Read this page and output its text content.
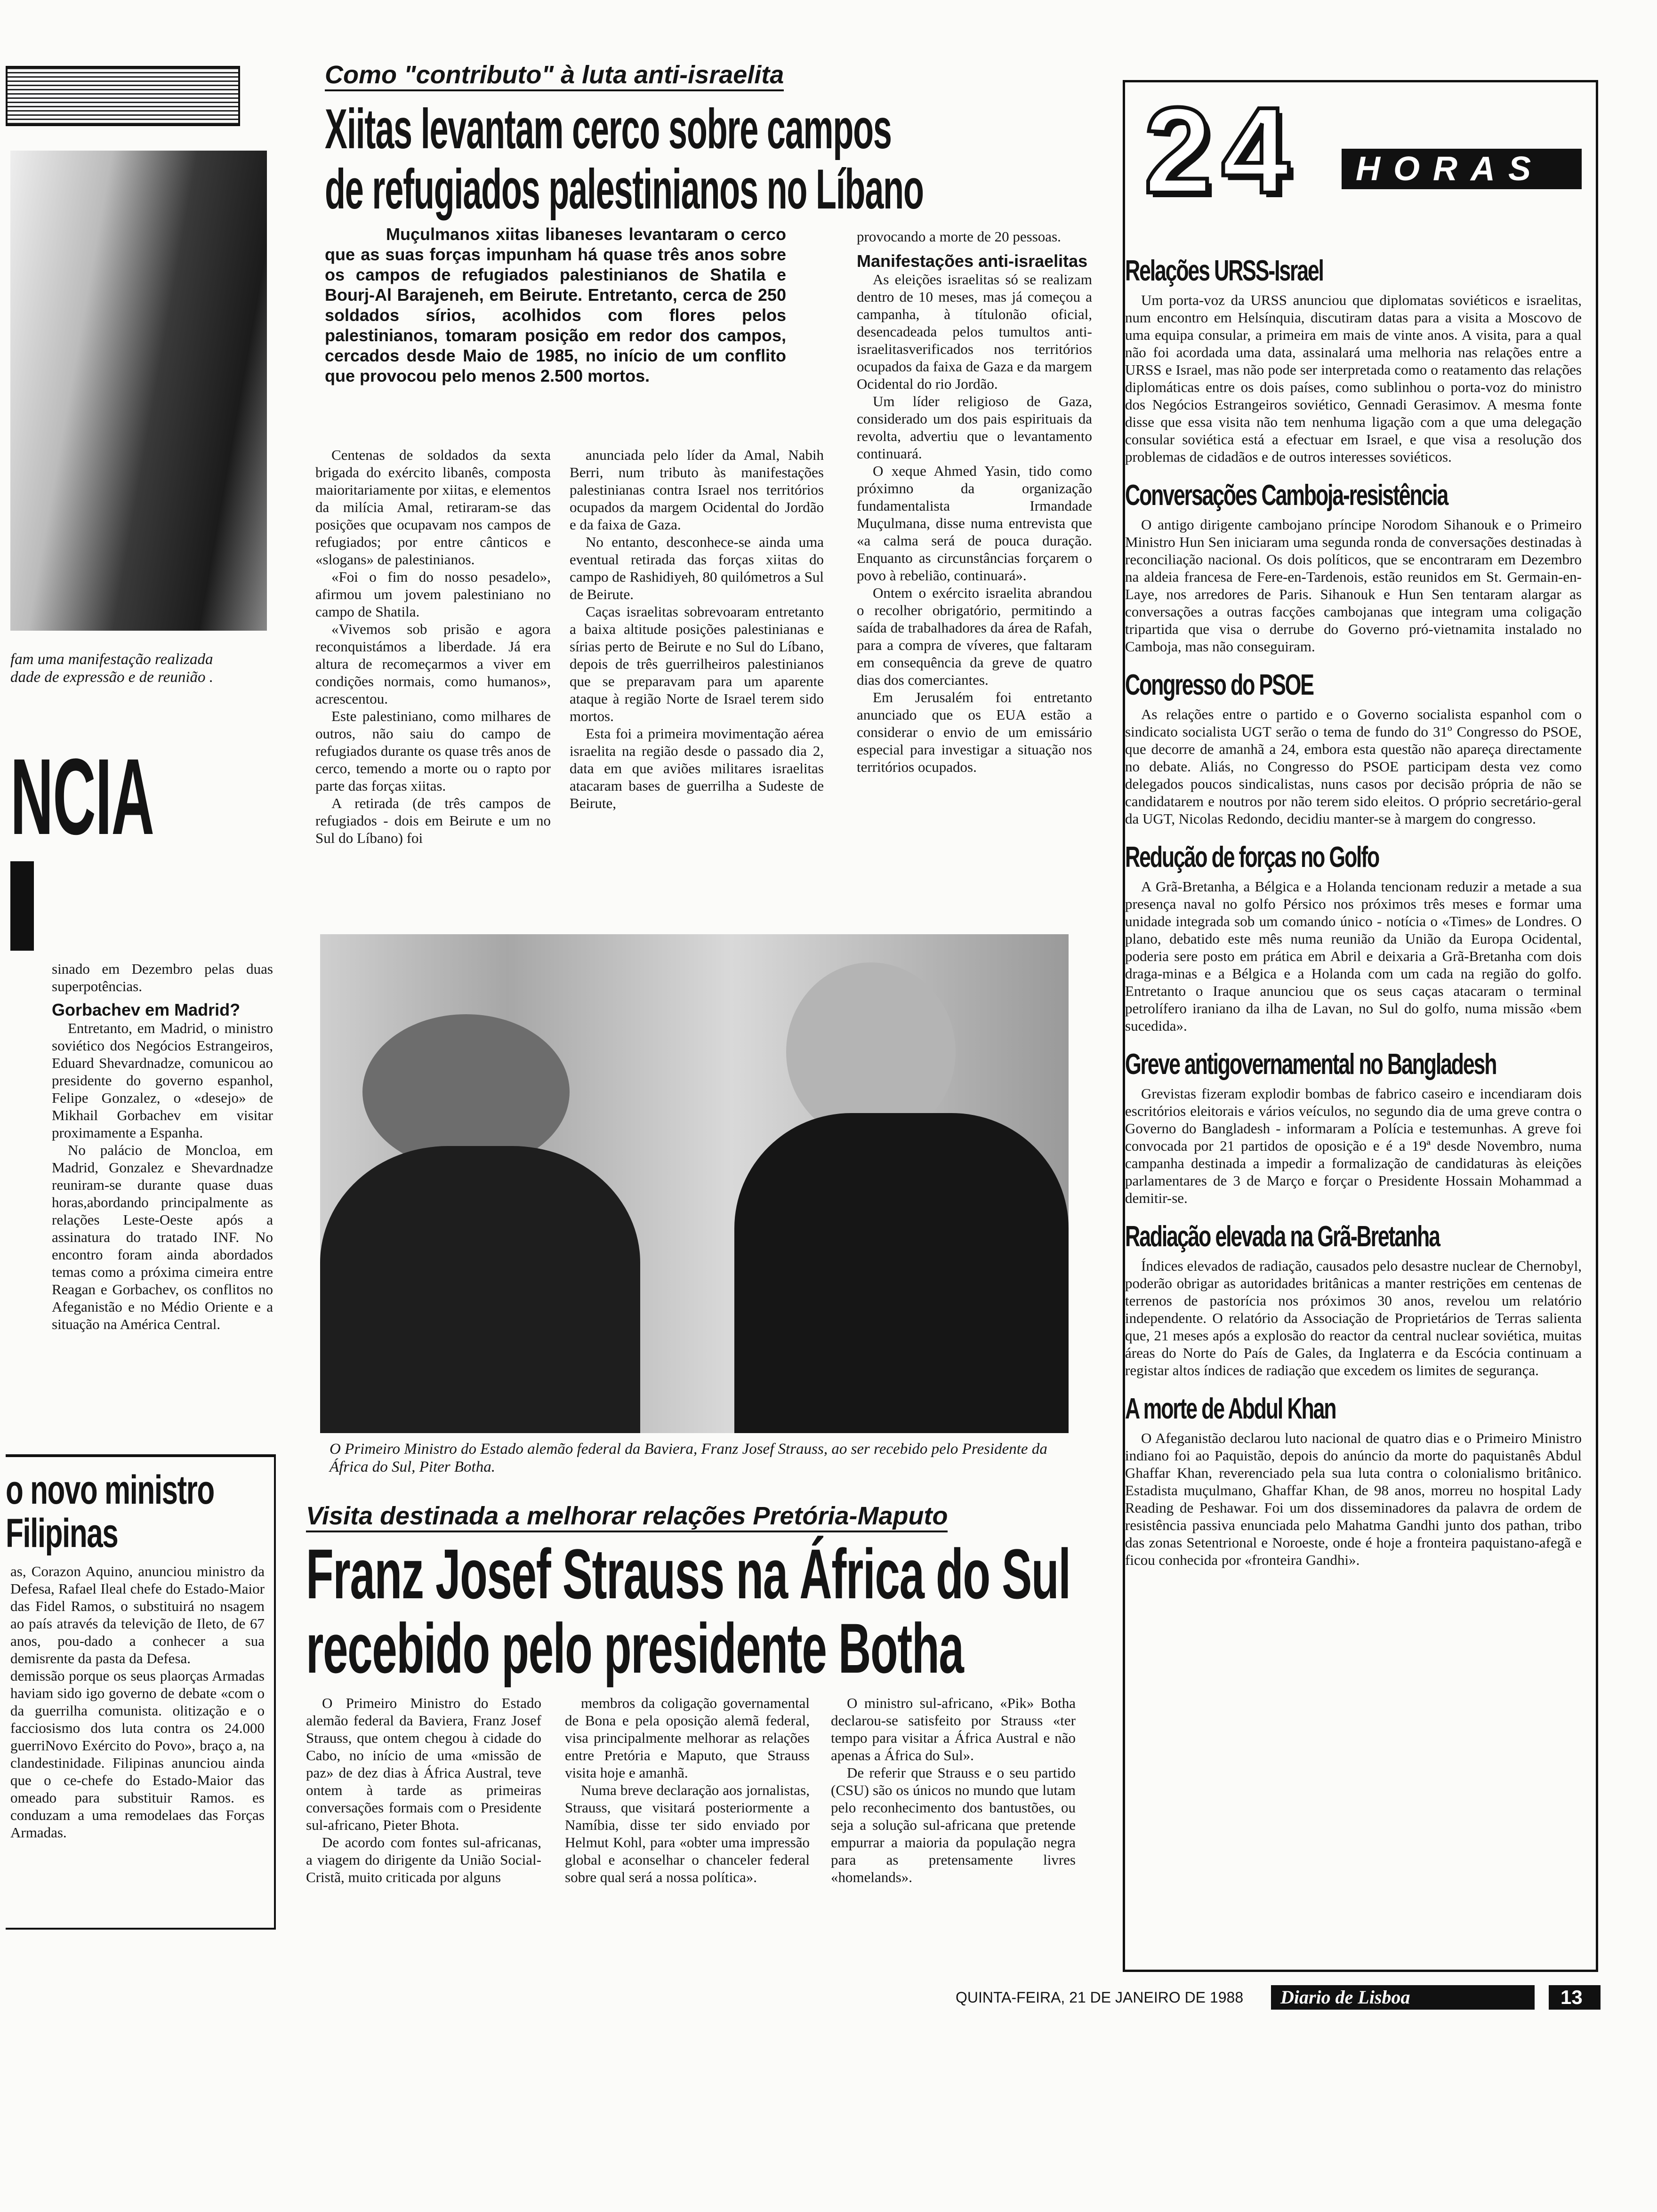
fam uma manifestação realizada
dade de expressão e de reunião .
NCIA
sinado em Dezembro pelas duas superpotências.
Gorbachev em Madrid?

Entretanto, em Madrid, o ministro soviético dos Negócios Estrangeiros, Eduard Shevardnadze, comunicou ao presidente do governo espanhol, Felipe Gonzalez, o «desejo» de Mikhail Gorbachev em visitar proximamente a Espanha.

No palácio de Moncloa, em Madrid, Gonzalez e Shevardnadze reuniram-se durante quase duas horas,abordando principalmente as relações Leste-Oeste após a assinatura do tratado INF. No encontro foram ainda abordados temas como a próxima cimeira entre Reagan e Gorbachev, os conflitos no Afeganistão e no Médio Oriente e a situação na América Central.

o novo ministro
Filipinas
as, Corazon Aquino, anunciou ministro da Defesa, Rafael Ileal chefe do Estado-Maior das Fidel Ramos, o substituirá no nsagem ao país através da televição de Ileto, de 67 anos, pou-dado a conhecer a sua demisrente da pasta da Defesa.
demissão porque os seus plaorças Armadas haviam sido igo governo de debate «com o da guerrilha comunista. olitização e o facciosismo dos luta contra os 24.000 guerriNovo Exército do Povo», braço a, na clandestinidade. Filipinas anunciou ainda que o ce-chefe do Estado-Maior das omeado para substituir Ramos. es conduzam a uma remodelaes das Forças Armadas.
Como "contributo" à luta anti-israelita
Xiitas levantam cerco sobre campos
de refugiados palestinianos no Líbano

Muçulmanos xiitas libaneses levantaram o cerco que as suas forças impunham há quase três anos sobre os campos de refugiados palestinianos de Shatila e Bourj-Al Barajeneh, em Beirute. Entretanto, cerca de 250 soldados sírios, acolhidos com flores pelos palestinianos, tomaram posição em redor dos campos, cercados desde Maio de 1985, no início de um conflito que provocou pelo menos 2.500 mortos.

provocando a morte de 20 pessoas.
Manifestações anti-israelitas

As eleições israelitas só se realizam dentro de 10 meses, mas já começou a campanha, à títulonão oficial, desencadeada pelos tumultos anti-israelitasverificados nos territórios ocupados da faixa de Gaza e da margem Ocidental do rio Jordão.

Um líder religioso de Gaza, considerado um dos pais espirituais da revolta, advertiu que o levantamento continuará.

O xeque Ahmed Yasin, tido como próximno da organização fundamentalista Irmandade Muçulmana, disse numa entrevista que «a calma será de pouca duração. Enquanto as circunstâncias forçarem o povo à rebelião, continuará».

Ontem o exército israelita abrandou o recolher obrigatório, permitindo a saída de trabalhadores da área de Rafah, para a compra de víveres, que faltaram em consequência da greve de quatro dias dos comerciantes.

Em Jerusalém foi entretanto anunciado que os EUA estão a considerar o envio de um emissário especial para investigar a situação nos territórios ocupados.

Centenas de soldados da sexta brigada do exército libanês, composta maioritariamente por xiitas, e elementos da milícia Amal, retiraram-se das posições que ocupavam nos campos de refugiados; por entre cânticos e «slogans» de palestinianos.

«Foi o fim do nosso pesadelo», afirmou um jovem palestiniano no campo de Shatila.

«Vivemos sob prisão e agora reconquistámos a liberdade. Já era altura de recomeçarmos a viver em condições normais, como humanos», acrescentou.

Este palestiniano, como milhares de outros, não saiu do campo de refugiados durante os quase três anos de cerco, temendo a morte ou o rapto por parte das forças xiitas.

A retirada (de três campos de refugiados - dois em Beirute e um no Sul do Líbano) foi

anunciada pelo líder da Amal, Nabih Berri, num tributo às manifestações palestinianas contra Israel nos territórios ocupados da margem Ocidental do Jordão e da faixa de Gaza.

No entanto, desconhece-se ainda uma eventual retirada das forças xiitas do campo de Rashidiyeh, 80 quilómetros a Sul de Beirute.

Caças israelitas sobrevoaram entretanto a baixa altitude posições palestinianas e sírias perto de Beirute e no Sul do Líbano, depois de três guerrilheiros palestinianos que se preparavam para um aparente ataque à região Norte de Israel terem sido mortos.

Esta foi a primeira movimentação aérea israelita na região desde o passado dia 2, data em que aviões militares israelitas atacaram bases de guerrilha a Sudeste de Beirute,

O Primeiro Ministro do Estado alemão federal da Baviera, Franz Josef Strauss, ao ser recebido pelo Presidente da África do Sul, Piter Botha.
Visita destinada a melhorar relações Pretória-Maputo
Franz Josef Strauss na África do Sul
recebido pelo presidente Botha

O Primeiro Ministro do Estado alemão federal da Baviera, Franz Josef Strauss, que ontem chegou à cidade do Cabo, no início de uma «missão de paz» de dez dias à África Austral, teve ontem à tarde as primeiras conversações formais com o Presidente sul-africano, Pieter Bhota.

De acordo com fontes sul-africanas, a viagem do dirigente da União Social-Cristã, muito criticada por alguns

membros da coligação governamental de Bona e pela oposição alemã federal, visa principalmente melhorar as relações entre Pretória e Maputo, que Strauss visita hoje e amanhã.

Numa breve declaração aos jornalistas, Strauss, que visitará posteriormente a Namíbia, disse ter sido enviado por Helmut Kohl, para «obter uma impressão global e aconselhar o chanceler federal sobre qual será a nossa política».

O ministro sul-africano, «Pik» Botha declarou-se satisfeito por Strauss «ter tempo para visitar a África Austral e não apenas a África do Sul».

De referir que Strauss e o seu partido (CSU) são os únicos no mundo que lutam pelo reconhecimento dos bantustões, ou seja a solução sul-africana que pretende empurrar a maioria da população negra para as pretensamente livres «homelands».

24 HORAS
Relações URSS-Israel
Um porta-voz da URSS anunciou que diplomatas soviéticos e israelitas, num encontro em Helsínquia, discutiram datas para a visita a Moscovo de uma equipa consular, a primeira em mais de vinte anos. A visita, para a qual não foi acordada uma data, assinalará uma melhoria nas relações entre a URSS e Israel, mas não pode ser interpretada como o reatamento das relações diplomáticas entre os dois países, como sublinhou o porta-voz do ministro dos Negócios Estrangeiros soviético, Gennadi Gerasimov. A mesma fonte disse que essa visita não tem nenhuma ligação com a que uma delegação consular soviética está a efectuar em Israel, e que visa a resolução dos problemas de cidadãos e de outros interesses soviéticos.
Conversações Camboja-resistência
O antigo dirigente cambojano príncipe Norodom Sihanouk e o Primeiro Ministro Hun Sen iniciaram uma segunda ronda de conversações destinadas à reconciliação nacional. Os dois políticos, que se encontraram em Dezembro na aldeia francesa de Fere-en-Tardenois, estão reunidos em St. Germain-en-Laye, nos arredores de Paris. Sihanouk e Hun Sen tentaram alargar as conversações a outras facções cambojanas que integram uma coligação tripartida que visa o derrube do Governo pró-vietnamita instalado no Camboja, mas não conseguiram.
Congresso do PSOE
As relações entre o partido e o Governo socialista espanhol com o sindicato socialista UGT serão o tema de fundo do 31º Congresso do PSOE, que decorre de amanhã a 24, embora esta questão não apareça directamente no debate. Aliás, no Congresso do PSOE participam desta vez como delegados poucos sindicalistas, nuns casos por decisão própria de não se candidatarem e noutros por não terem sido eleitos. O próprio secretário-geral da UGT, Nicolas Redondo, decidiu manter-se à margem do congresso.
Redução de forças no Golfo
A Grã-Bretanha, a Bélgica e a Holanda tencionam reduzir a metade a sua presença naval no golfo Pérsico nos próximos três meses e formar uma unidade integrada sob um comando único - notícia o «Times» de Londres. O plano, debatido este mês numa reunião da União da Europa Ocidental, poderia sere posto em prática em Abril e deixaria a Grã-Bretanha com dois draga-minas e a Bélgica e a Holanda com um cada na região do golfo. Entretanto o Iraque anunciou que os seus caças atacaram o terminal petrolífero iraniano da ilha de Lavan, no Sul do golfo, numa missão «bem sucedida».
Greve antigovernamental no Bangladesh
Grevistas fizeram explodir bombas de fabrico caseiro e incendiaram dois escritórios eleitorais e vários veículos, no segundo dia de uma greve contra o Governo do Bangladesh - informaram a Polícia e testemunhas. A greve foi convocada por 21 partidos de oposição e é a 19ª desde Novembro, numa campanha destinada a impedir a formalização de candidaturas às eleições parlamentares de 3 de Março e forçar o Presidente Hossain Mohammad a demitir-se.
Radiação elevada na Grã-Bretanha
Índices elevados de radiação, causados pelo desastre nuclear de Chernobyl, poderão obrigar as autoridades britânicas a manter restrições em centenas de terrenos de pastorícia nos próximos 30 anos, revelou um relatório independente. O relatório da Associação de Proprietários de Terras salienta que, 21 meses após a explosão do reactor da central nuclear soviética, muitas áreas do Norte do País de Gales, da Inglaterra e da Escócia continuam a registar altos índices de radiação que excedem os limites de segurança.
A morte de Abdul Khan
O Afeganistão declarou luto nacional de quatro dias e o Primeiro Ministro indiano foi ao Paquistão, depois do anúncio da morte do paquistanês Abdul Ghaffar Khan, reverenciado pela sua luta contra o colonialismo britânico. Estadista muçulmano, Ghaffar Khan, de 98 anos, morreu no hospital Lady Reading de Peshawar. Foi um dos disseminadores da palavra de ordem de resistência passiva enunciada pelo Mahatma Gandhi junto dos pathan, tribo das zonas Setentrional e Noroeste, onde é hoje a fronteira paquistano-afegã e ficou conhecida por «fronteira Gandhi».
QUINTA-FEIRA, 21 DE JANEIRO DE 1988 Diario de Lisboa	13
